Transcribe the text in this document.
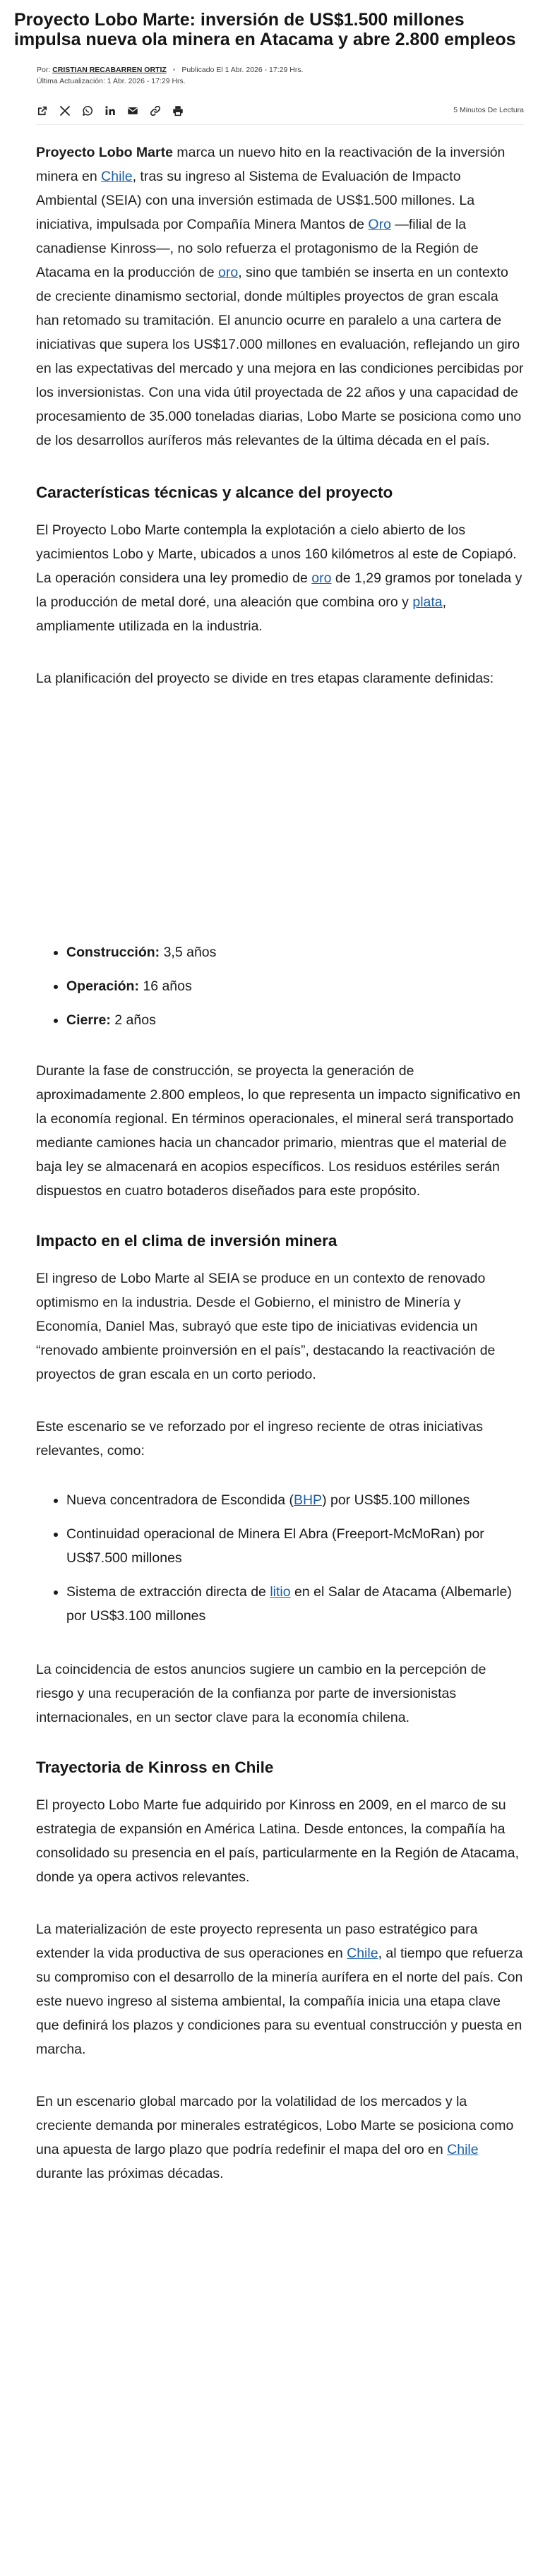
Proyecto Lobo Marte: inversión de US$1.500 millones impulsa nueva ola minera en Atacama y abre 2.800 empleos
Por: CRISTIAN RECABARREN ORTIZ • Publicado El 1 Abr. 2026 - 17:29 Hrs.
Última Actualización: 1 Abr. 2026 - 17:29 Hrs.
5 Minutos De Lectura

Proyecto Lobo Marte marca un nuevo hito en la reactivación de la inversión minera en Chile, tras su ingreso al Sistema de Evaluación de Impacto Ambiental (SEIA) con una inversión estimada de US$1.500 millones. La iniciativa, impulsada por Compañía Minera Mantos de Oro —filial de la canadiense Kinross—, no solo refuerza el protagonismo de la Región de Atacama en la producción de oro, sino que también se inserta en un contexto de creciente dinamismo sectorial, donde múltiples proyectos de gran escala han retomado su tramitación. El anuncio ocurre en paralelo a una cartera de iniciativas que supera los US$17.000 millones en evaluación, reflejando un giro en las expectativas del mercado y una mejora en las condiciones percibidas por los inversionistas. Con una vida útil proyectada de 22 años y una capacidad de procesamiento de 35.000 toneladas diarias, Lobo Marte se posiciona como uno de los desarrollos auríferos más relevantes de la última década en el país.

Características técnicas y alcance del proyecto

El Proyecto Lobo Marte contempla la explotación a cielo abierto de los yacimientos Lobo y Marte, ubicados a unos 160 kilómetros al este de Copiapó. La operación considera una ley promedio de oro de 1,29 gramos por tonelada y la producción de metal doré, una aleación que combina oro y plata, ampliamente utilizada en la industria.

La planificación del proyecto se divide en tres etapas claramente definidas:

• Construcción: 3,5 años
• Operación: 16 años
• Cierre: 2 años

Durante la fase de construcción, se proyecta la generación de aproximadamente 2.800 empleos, lo que representa un impacto significativo en la economía regional. En términos operacionales, el mineral será transportado mediante camiones hacia un chancador primario, mientras que el material de baja ley se almacenará en acopios específicos. Los residuos estériles serán dispuestos en cuatro botaderos diseñados para este propósito.

Impacto en el clima de inversión minera

El ingreso de Lobo Marte al SEIA se produce en un contexto de renovado optimismo en la industria. Desde el Gobierno, el ministro de Minería y Economía, Daniel Mas, subrayó que este tipo de iniciativas evidencia un “renovado ambiente proinversión en el país”, destacando la reactivación de proyectos de gran escala en un corto periodo.

Este escenario se ve reforzado por el ingreso reciente de otras iniciativas relevantes, como:

• Nueva concentradora de Escondida (BHP) por US$5.100 millones
• Continuidad operacional de Minera El Abra (Freeport-McMoRan) por US$7.500 millones
• Sistema de extracción directa de litio en el Salar de Atacama (Albemarle) por US$3.100 millones

La coincidencia de estos anuncios sugiere un cambio en la percepción de riesgo y una recuperación de la confianza por parte de inversionistas internacionales, en un sector clave para la economía chilena.

Trayectoria de Kinross en Chile

El proyecto Lobo Marte fue adquirido por Kinross en 2009, en el marco de su estrategia de expansión en América Latina. Desde entonces, la compañía ha consolidado su presencia en el país, particularmente en la Región de Atacama, donde ya opera activos relevantes.

La materialización de este proyecto representa un paso estratégico para extender la vida productiva de sus operaciones en Chile, al tiempo que refuerza su compromiso con el desarrollo de la minería aurífera en el norte del país. Con este nuevo ingreso al sistema ambiental, la compañía inicia una etapa clave que definirá los plazos y condiciones para su eventual construcción y puesta en marcha.

En un escenario global marcado por la volatilidad de los mercados y la creciente demanda por minerales estratégicos, Lobo Marte se posiciona como una apuesta de largo plazo que podría redefinir el mapa del oro en Chile durante las próximas décadas.
